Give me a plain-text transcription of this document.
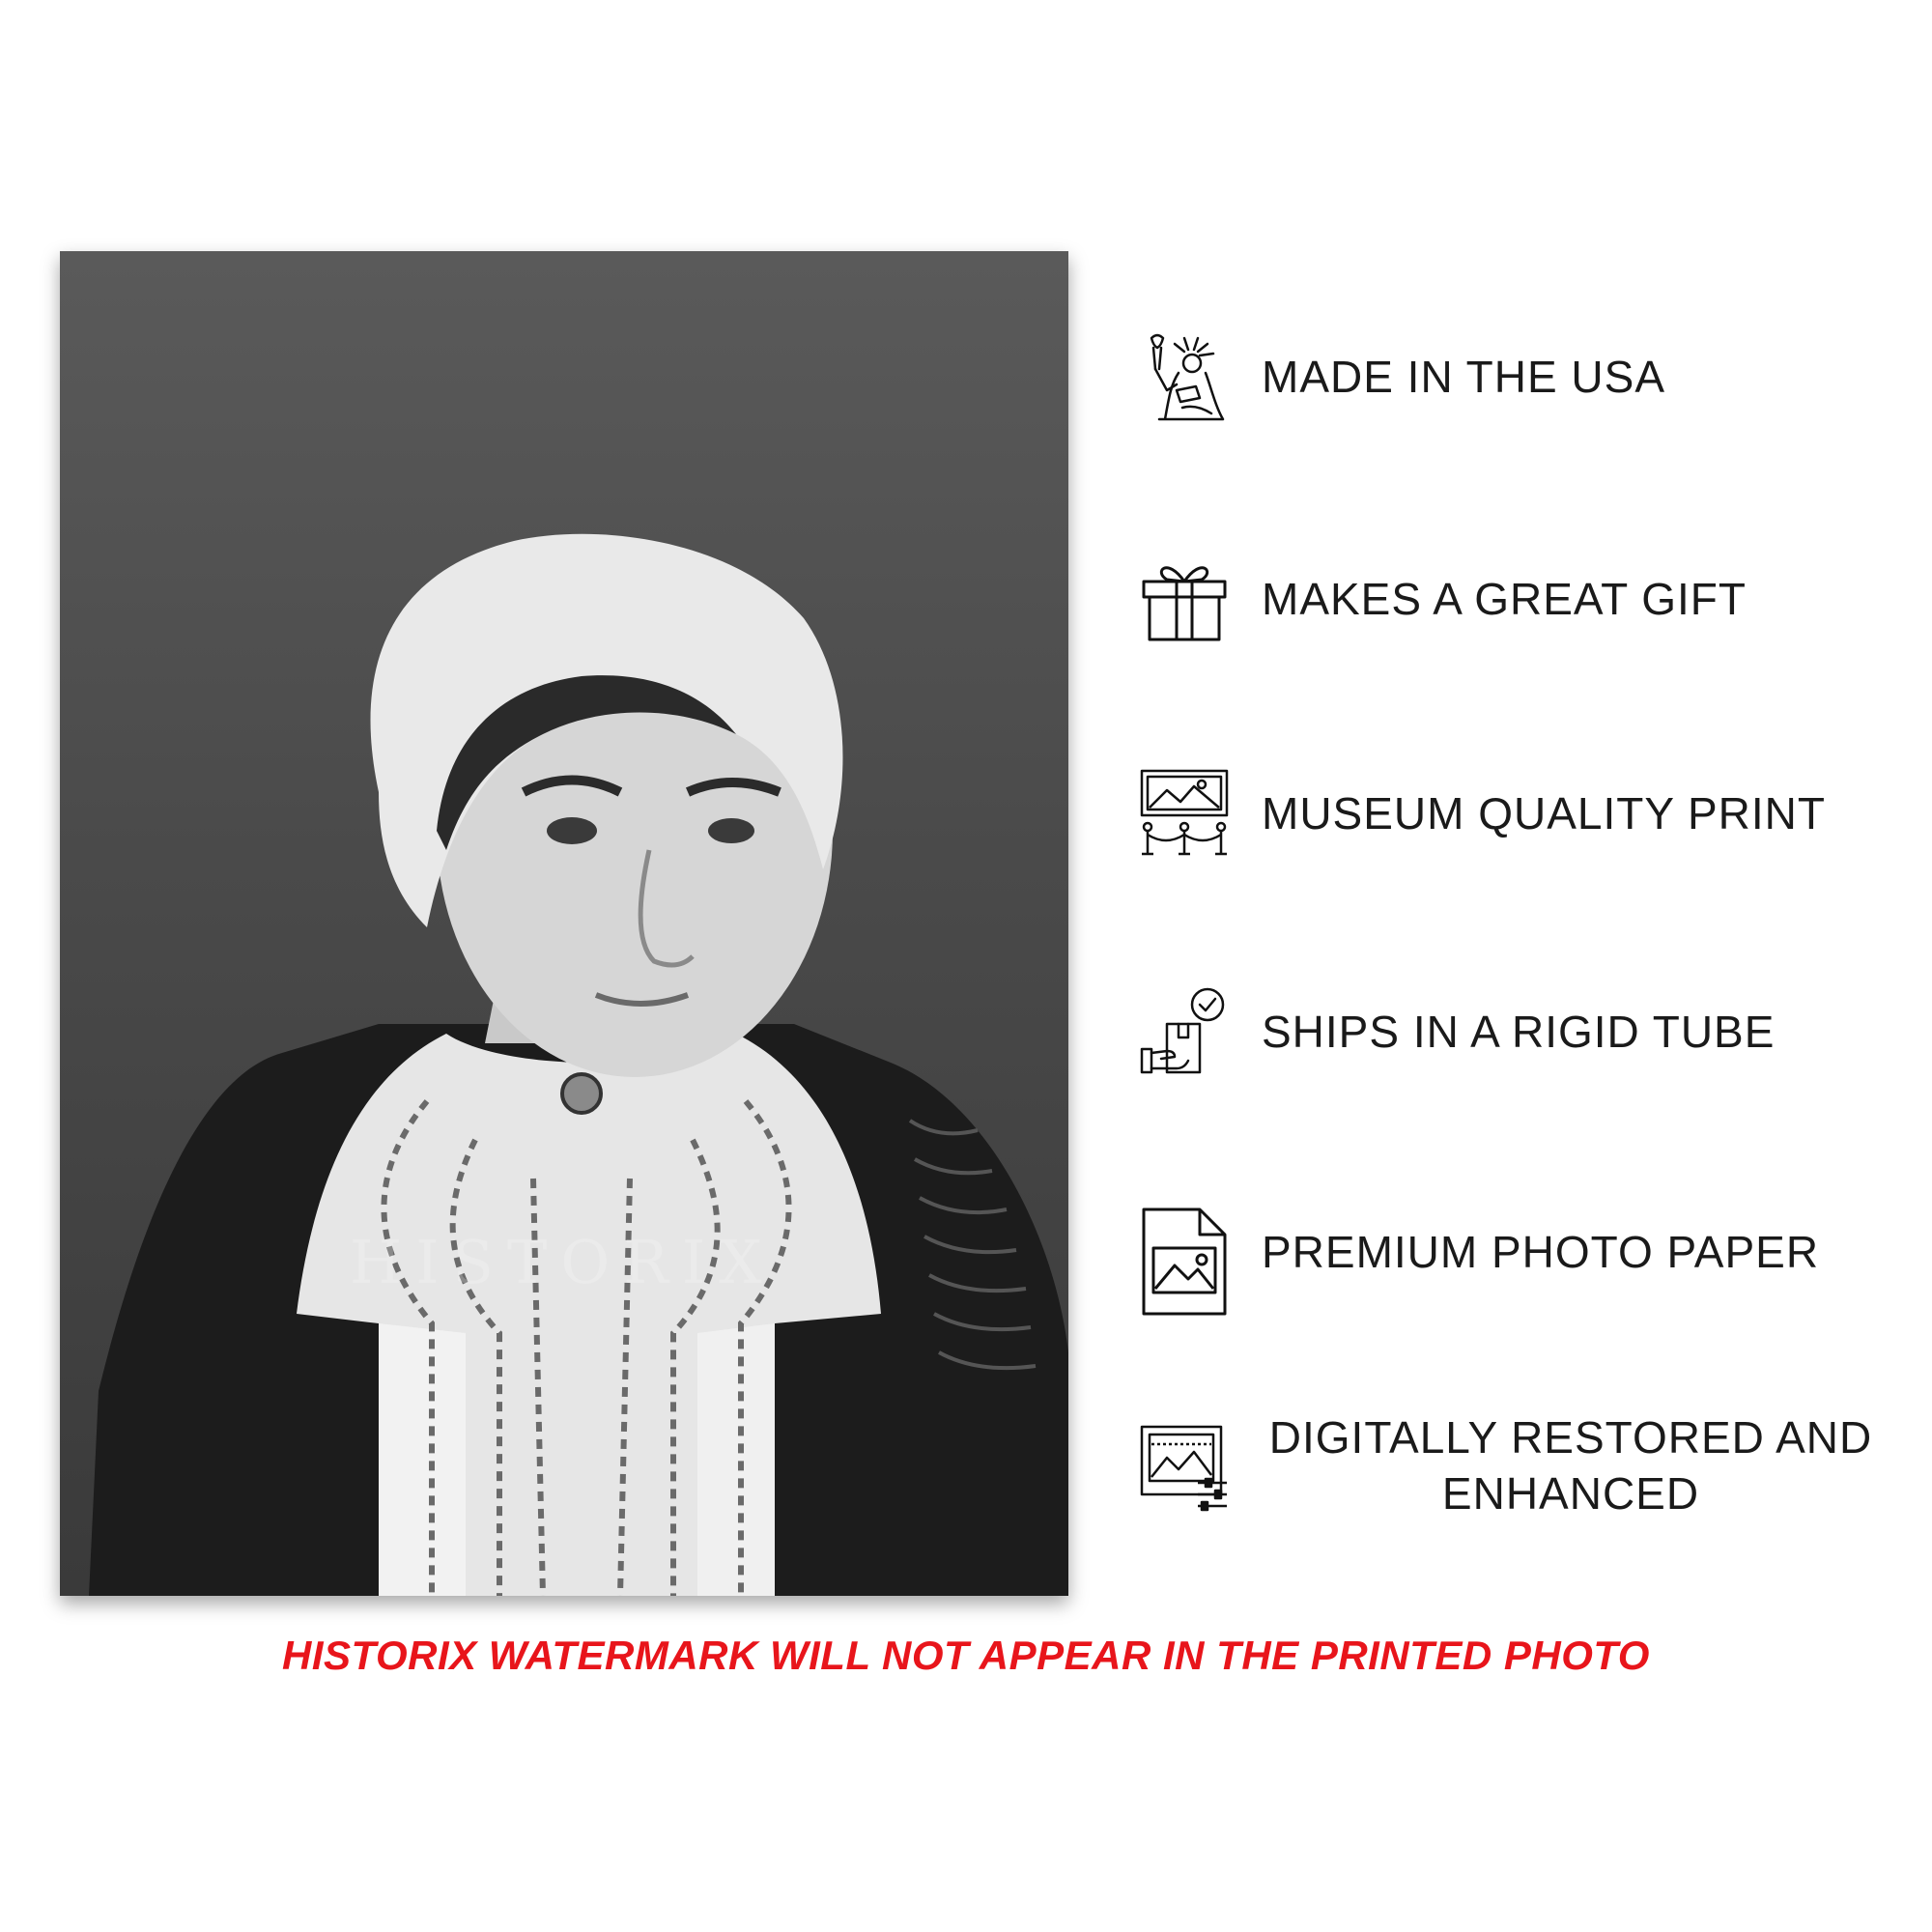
HISTORIX
MADE IN THE USA
MAKES A GREAT GIFT
MUSEUM QUALITY PRINT
SHIPS IN A RIGID TUBE
PREMIUM PHOTO PAPER
DIGITALLY RESTORED AND ENHANCED
HISTORIX WATERMARK WILL NOT APPEAR IN THE PRINTED PHOTO
